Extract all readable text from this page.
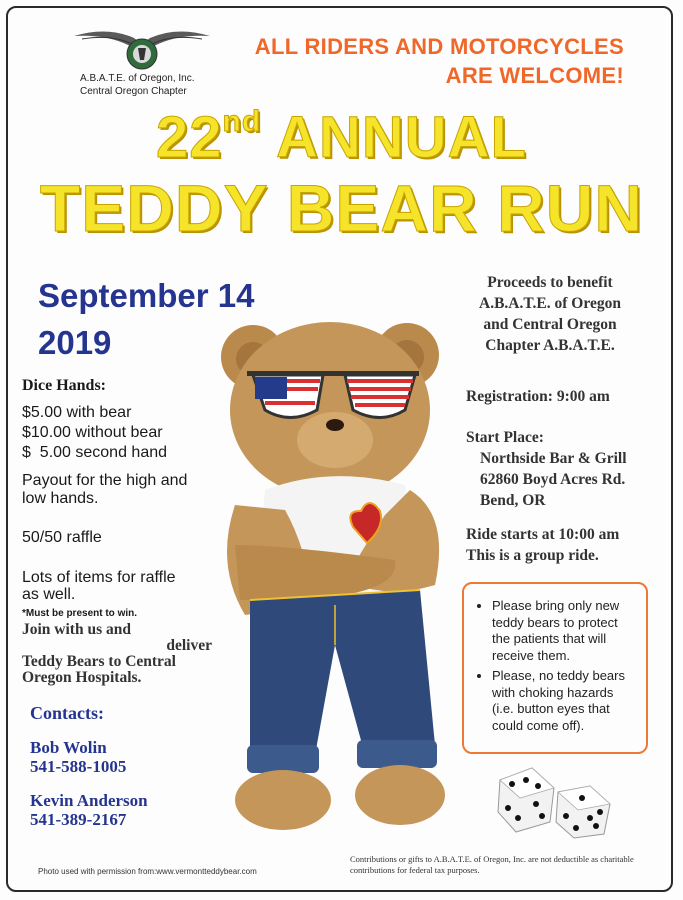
A.B.A.T.E. of Oregon, Inc.
Central Oregon Chapter
ALL RIDERS AND MOTORCYCLES
ARE WELCOME!
22nd ANNUAL
TEDDY BEAR RUN
September 14
2019
Dice Hands:
$5.00 with bear
$10.00 without bear
$  5.00 second hand
Payout for the high and
low hands.
50/50 raffle
Lots of items for raffle
as well.
*Must be present to win.
Join with us and
deliver
Teddy Bears to Central
Oregon Hospitals.
Contacts:
Bob Wolin
541-588-1005
Kevin Anderson
541-389-2167
Proceeds to benefit
A.B.A.T.E. of Oregon
and Central Oregon
Chapter A.B.A.T.E.
Registration: 9:00 am
Start Place:
Northside Bar & Grill
62860 Boyd Acres Rd.
Bend, OR
Ride starts at 10:00 am
This is a group ride.
• Please bring only new teddy bears to protect the patients that will receive them.
• Please, no teddy bears with choking hazards (i.e. button eyes that could come off).
Photo used with permission from:www.vermontteddybear.com
Contributions or gifts to A.B.A.T.E. of Oregon, Inc. are not deductible as charitable contributions for federal tax purposes.
